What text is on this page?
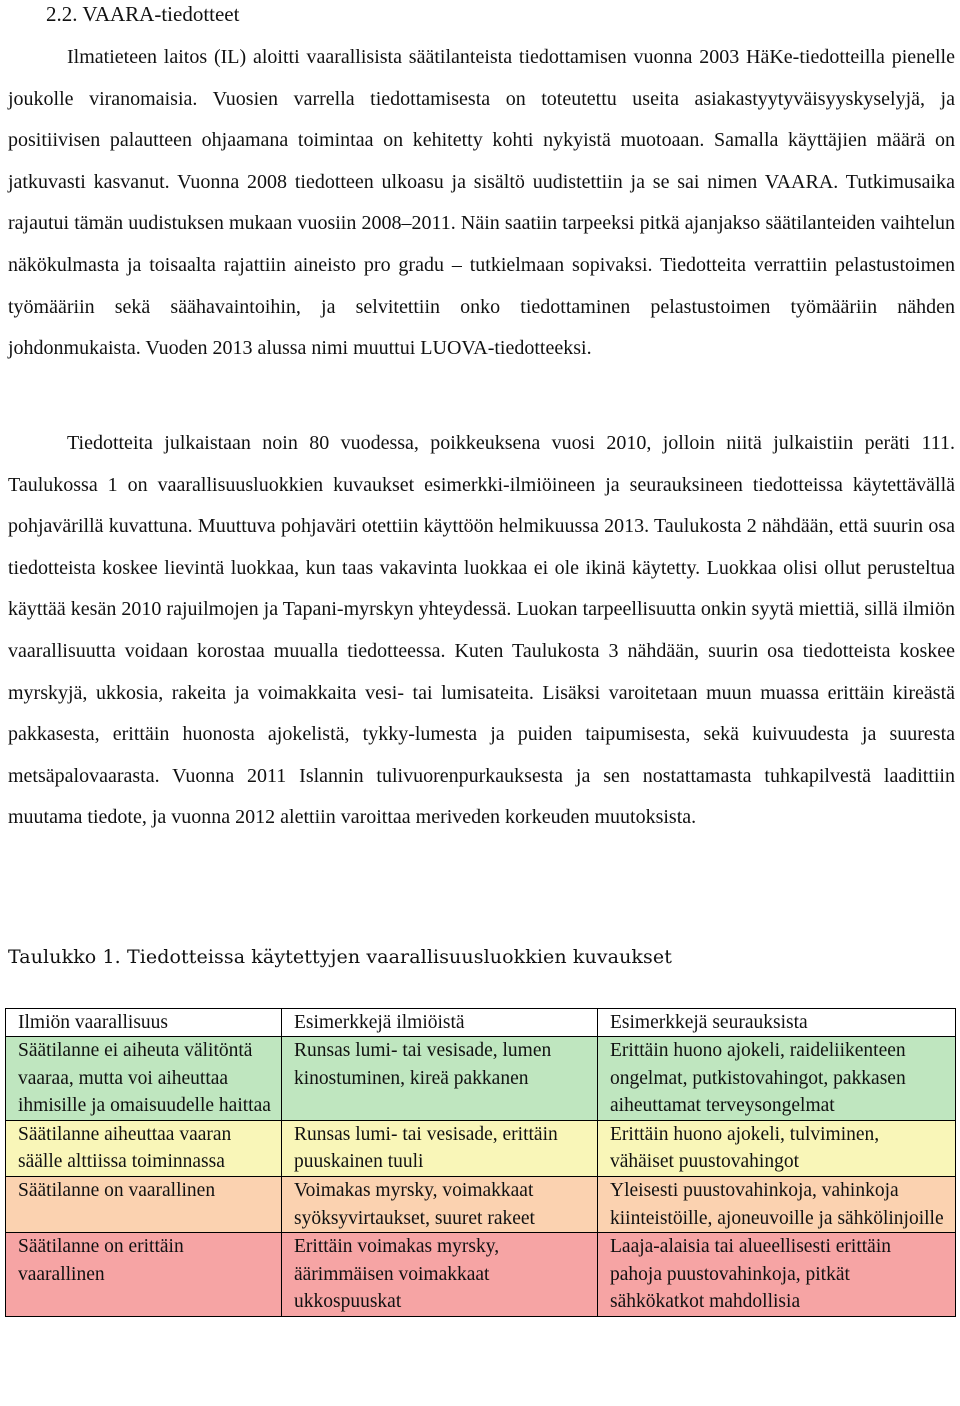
2.2. VAARA-tiedotteet

Ilmatieteen laitos (IL) aloitti vaarallisista säätilanteista tiedottamisen vuonna 2003 HäKe-tiedotteilla pienelle joukolle viranomaisia. Vuosien varrella tiedottamisesta on toteutettu useita asiakastyytyväisyyskyselyjä, ja positiivisen palautteen ohjaamana toimintaa on kehitetty kohti nykyistä muotoaan. Samalla käyttäjien määrä on jatkuvasti kasvanut. Vuonna 2008 tiedotteen ulkoasu ja sisältö uudistettiin ja se sai nimen VAARA. Tutkimusaika rajautui tämän uudistuksen mukaan vuosiin 2008–2011. Näin saatiin tarpeeksi pitkä ajanjakso säätilanteiden vaihtelun näkökulmasta ja toisaalta rajattiin aineisto pro gradu – tutkielmaan sopivaksi. Tiedotteita verrattiin pelastustoimen työmääriin sekä säähavaintoihin, ja selvitettiin onko tiedottaminen pelastustoimen työmääriin nähden johdonmukaista. Vuoden 2013 alussa nimi muuttui LUOVA-tiedotteeksi.

Tiedotteita julkaistaan noin 80 vuodessa, poikkeuksena vuosi 2010, jolloin niitä julkaistiin peräti 111. Taulukossa 1 on vaarallisuusluokkien kuvaukset esimerkki-ilmiöineen ja seurauksineen tiedotteissa käytettävällä pohjavärillä kuvattuna. Muuttuva pohjaväri otettiin käyttöön helmikuussa 2013. Taulukosta 2 nähdään, että suurin osa tiedotteista koskee lievintä luokkaa, kun taas vakavinta luokkaa ei ole ikinä käytetty. Luokkaa olisi ollut perusteltua käyttää kesän 2010 rajuilmojen ja Tapani-myrskyn yhteydessä. Luokan tarpeellisuutta onkin syytä miettiä, sillä ilmiön vaarallisuutta voidaan korostaa muualla tiedotteessa. Kuten Taulukosta 3 nähdään, suurin osa tiedotteista koskee myrskyjä, ukkosia, rakeita ja voimakkaita vesi- tai lumisateita. Lisäksi varoitetaan muun muassa erittäin kireästä pakkasesta, erittäin huonosta ajokelistä, tykky-lumesta ja puiden taipumisesta, sekä kuivuudesta ja suuresta metsäpalovaarasta. Vuonna 2011 Islannin tulivuorenpurkauksesta ja sen nostattamasta tuhkapilvestä laadittiin muutama tiedote, ja vuonna 2012 alettiin varoittaa meriveden korkeuden muutoksista.

Taulukko 1. Tiedotteissa käytettyjen vaarallisuusluokkien kuvaukset

Ilmiön vaarallisuus	Esimerkkejä ilmiöistä	Esimerkkejä seurauksista
Säätilanne ei aiheuta välitöntä vaaraa, mutta voi aiheuttaa ihmisille ja omaisuudelle haittaa	Runsas lumi- tai vesisade, lumen kinostuminen, kireä pakkanen	Erittäin huono ajokeli, raideliikenteen ongelmat, putkistovahingot, pakkasen aiheuttamat terveysongelmat
Säätilanne aiheuttaa vaaran säälle alttiissa toiminnassa	Runsas lumi- tai vesisade, erittäin puuskainen tuuli	Erittäin huono ajokeli, tulviminen, vähäiset puustovahingot
Säätilanne on vaarallinen	Voimakas myrsky, voimakkaat syöksyvirtaukset, suuret rakeet	Yleisesti puustovahinkoja, vahinkoja kiinteistöille, ajoneuvoille ja sähkölinjoille
Säätilanne on erittäin vaarallinen	Erittäin voimakas myrsky, äärimmäisen voimakkaat ukkospuuskat	Laaja-alaisia tai alueellisesti erittäin pahoja puustovahinkoja, pitkät sähkökatkot mahdollisia
